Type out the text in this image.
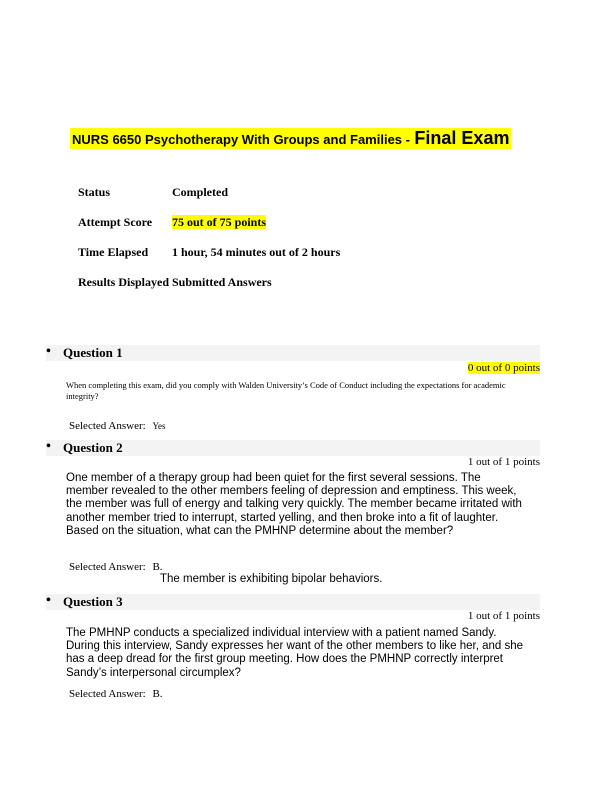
NURS 6650 Psychotherapy With Groups and Families - Final Exam
Status	Completed
Attempt Score	75 out of 75 points
Time Elapsed	1 hour, 54 minutes out of 2 hours
Results Displayed Submitted Answers
• Question 1
0 out of 0 points
When completing this exam, did you comply with Walden University’s Code of Conduct including the expectations for academic integrity?
Selected Answer: Yes
• Question 2
1 out of 1 points
One member of a therapy group had been quiet for the first several sessions. The member revealed to the other members feeling of depression and emptiness. This week, the member was full of energy and talking very quickly. The member became irritated with another member tried to interrupt, started yelling, and then broke into a fit of laughter. Based on the situation, what can the PMHNP determine about the member?
Selected Answer: B.
The member is exhibiting bipolar behaviors.
• Question 3
1 out of 1 points
The PMHNP conducts a specialized individual interview with a patient named Sandy. During this interview, Sandy expresses her want of the other members to like her, and she has a deep dread for the first group meeting. How does the PMHNP correctly interpret Sandy’s interpersonal circumplex?
Selected Answer: B.
